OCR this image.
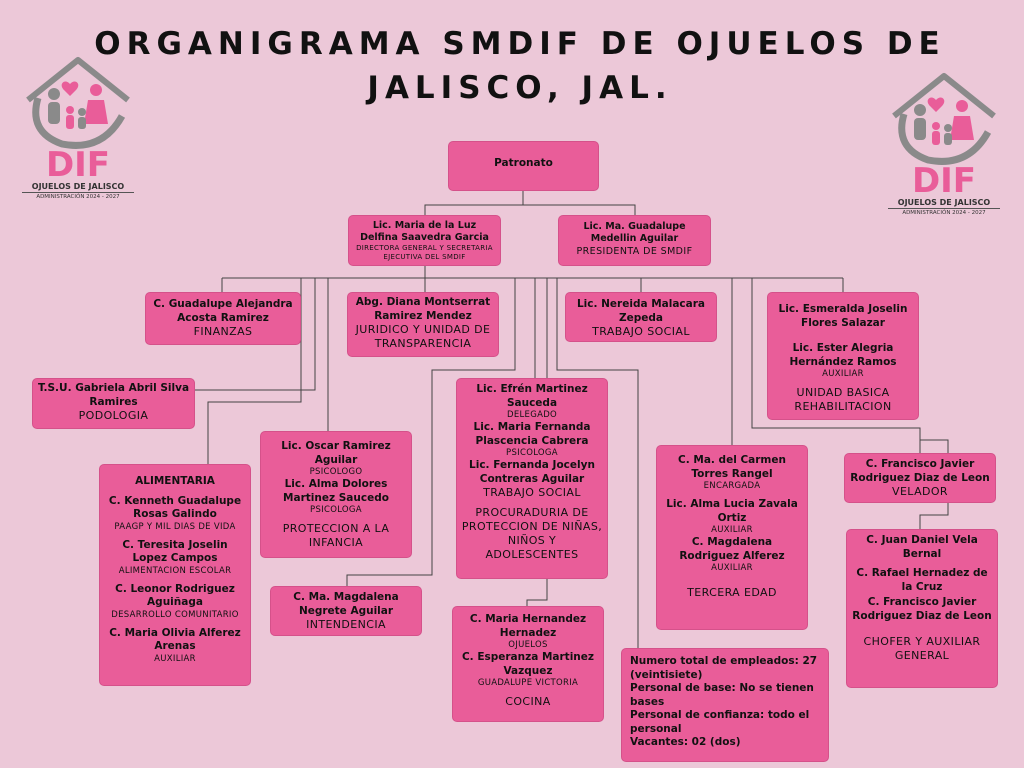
ORGANIGRAMA SMDIF DE OJUELOS DE
JALISCO, JAL.
DIF
OJUELOS DE JALISCO
ADMINISTRACIÓN 2024 - 2027	DIF
OJUELOS DE JALISCO
ADMINISTRACIÓN 2024 - 2027
Patronato
Lic. Maria de la Luz Delfina Saavedra Garcia
DIRECTORA GENERAL Y SECRETARIA EJECUTIVA DEL SMDIF
Lic. Ma. Guadalupe Medellin Aguilar
PRESIDENTA DE SMDIF
C. Guadalupe Alejandra Acosta Ramirez
FINANZAS
Abg. Diana Montserrat Ramirez Mendez
JURIDICO Y UNIDAD DE TRANSPARENCIA
Lic. Nereida Malacara Zepeda
TRABAJO SOCIAL
Lic. Esmeralda Joselin Flores Salazar
Lic. Ester Alegria Hernández Ramos
AUXILIAR
UNIDAD BASICA REHABILITACION
T.S.U. Gabriela Abril Silva Ramires
PODOLOGIA
Lic. Oscar Ramirez Aguilar
PSICOLOGO
Lic. Alma Dolores Martinez Saucedo
PSICOLOGA
PROTECCION A LA INFANCIA
Lic. Efrén Martinez Sauceda
DELEGADO
Lic. Maria Fernanda Plascencia Cabrera
PSICOLOGA
Lic. Fernanda Jocelyn Contreras Aguilar
TRABAJO SOCIAL
PROCURADURIA DE PROTECCION DE NIÑAS, NIÑOS Y ADOLESCENTES
C. Ma. del Carmen Torres Rangel
ENCARGADA
Lic. Alma Lucia Zavala Ortiz
AUXILIAR
C. Magdalena Rodriguez Alferez
AUXILIAR
TERCERA EDAD
C. Francisco Javier Rodriguez Diaz de Leon
VELADOR
ALIMENTARIA
C. Kenneth Guadalupe Rosas Galindo
PAAGP Y MIL DIAS DE VIDA
C. Teresita Joselin Lopez Campos
ALIMENTACION ESCOLAR
C. Leonor Rodriguez Aguiñaga
DESARROLLO COMUNITARIO
C. Maria Olivia Alferez Arenas
AUXILIAR
C. Ma. Magdalena Negrete Aguilar
INTENDENCIA	C. Maria Hernandez Hernadez
OJUELOS
C. Esperanza Martinez Vazquez
GUADALUPE VICTORIA
COCINA
C. Juan Daniel Vela Bernal
C. Rafael Hernadez de la Cruz
C. Francisco Javier Rodriguez Diaz de Leon
CHOFER Y AUXILIAR GENERAL
Numero total de empleados: 27 (veintisiete)
Personal de base: No se tienen bases
Personal de confianza: todo el personal
Vacantes: 02 (dos)
